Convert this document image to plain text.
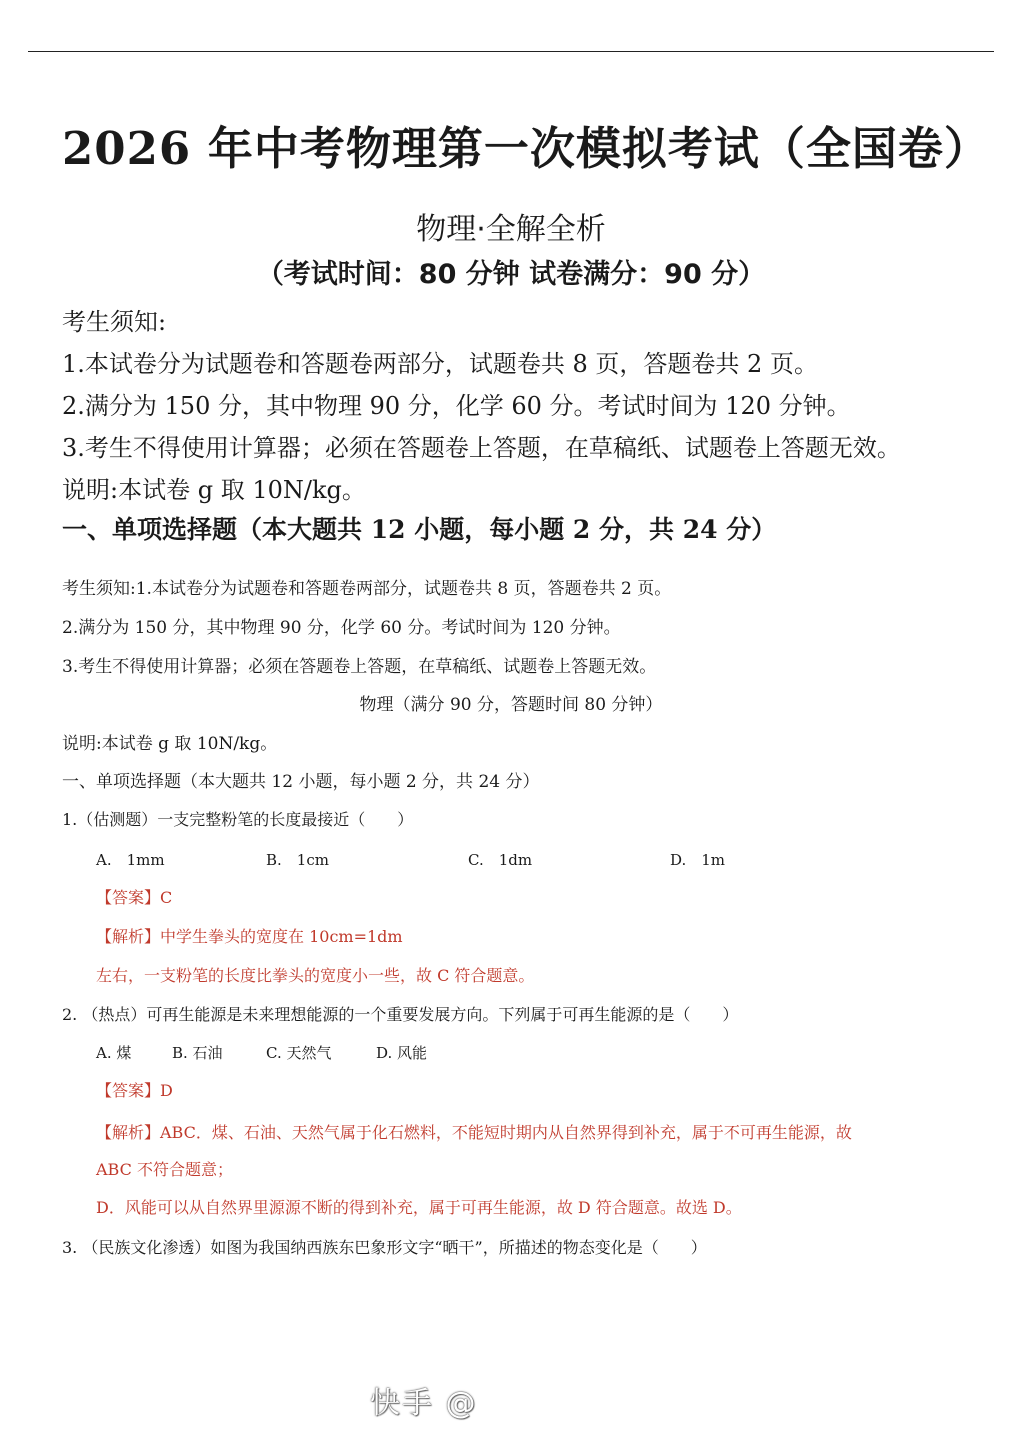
2026 年中考物理第一次模拟考试（全国卷）
物理·全解全析
（考试时间：80 分钟 试卷满分：90 分）
考生须知:
1.本试卷分为试题卷和答题卷两部分，试题卷共 8 页，答题卷共 2 页。
2.满分为 150 分，其中物理 90 分，化学 60 分。考试时间为 120 分钟。
3.考生不得使用计算器；必须在答题卷上答题，在草稿纸、试题卷上答题无效。
说明:本试卷 g 取 10N/kg。
一、单项选择题（本大题共 12 小题，每小题 2 分，共 24 分）
考生须知:1.本试卷分为试题卷和答题卷两部分，试题卷共 8 页，答题卷共 2 页。
2.满分为 150 分，其中物理 90 分，化学 60 分。考试时间为 120 分钟。
3.考生不得使用计算器；必须在答题卷上答题，在草稿纸、试题卷上答题无效。
物理（满分 90 分，答题时间 80 分钟）
说明:本试卷 g 取 10N/kg。
一、单项选择题（本大题共 12 小题，每小题 2 分，共 24 分）
1.（估测题）一支完整粉笔的长度最接近（　　）
A.　1mm	B.　1cm	C.　1dm	D.　1m
【答案】C
【解析】中学生拳头的宽度在 10cm=1dm
左右，一支粉笔的长度比拳头的宽度小一些，故 C 符合题意。
2. （热点）可再生能源是未来理想能源的一个重要发展方向。下列属于可再生能源的是（　　）
A. 煤	B. 石油	C. 天然气	D. 风能
【答案】D
【解析】ABC．煤、石油、天然气属于化石燃料，不能短时期内从自然界得到补充，属于不可再生能源，故
ABC 不符合题意；
D．风能可以从自然界里源源不断的得到补充，属于可再生能源，故 D 符合题意。故选 D。
3. （民族文化渗透）如图为我国纳西族东巴象形文字“晒干”，所描述的物态变化是（　　）
快手 @
